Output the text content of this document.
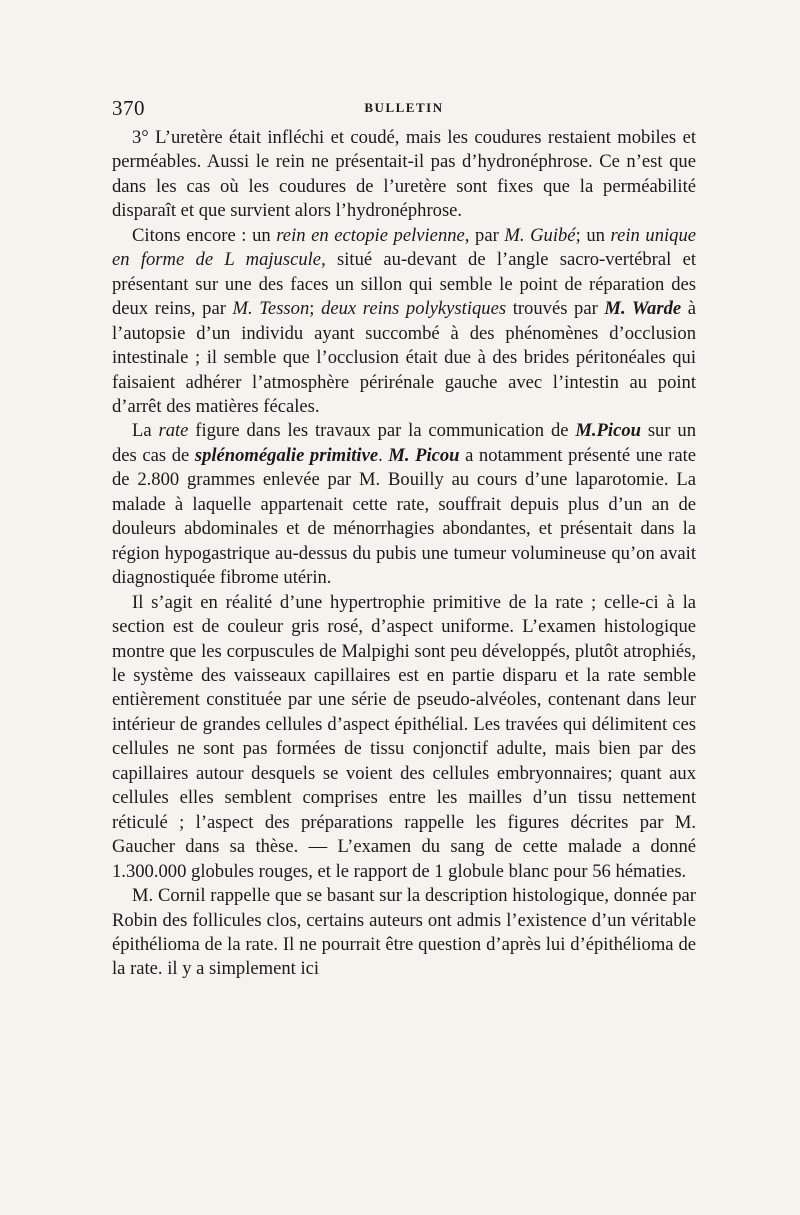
370	BULLETIN

3° L’uretère était infléchi et coudé, mais les coudures restaient mobiles et perméables. Aussi le rein ne présentait-il pas d’hydronéphrose. Ce n’est que dans les cas où les coudures de l’uretère sont fixes que la perméabilité disparaît et que survient alors l’hydronéphrose.

Citons encore : un rein en ectopie pelvienne, par M. Guibé; un rein unique en forme de L majuscule, situé au-devant de l’angle sacro-vertébral et présentant sur une des faces un sillon qui semble le point de réparation des deux reins, par M. Tesson; deux reins polykystiques trouvés par M. Warde à l’autopsie d’un individu ayant succombé à des phénomènes d’occlusion intestinale ; il semble que l’occlusion était due à des brides péritonéales qui faisaient adhérer l’atmosphère périrénale gauche avec l’intestin au point d’arrêt des matières fécales.

La rate figure dans les travaux par la communication de M.Picou sur un des cas de splénomégalie primitive. M. Picou a notamment présenté une rate de 2.800 grammes enlevée par M. Bouilly au cours d’une laparotomie. La malade à laquelle appartenait cette rate, souffrait depuis plus d’un an de douleurs abdominales et de ménorrhagies abondantes, et présentait dans la région hypogastrique au-dessus du pubis une tumeur volumineuse qu’on avait diagnostiquée fibrome utérin.

Il s’agit en réalité d’une hypertrophie primitive de la rate ; celle-ci à la section est de couleur gris rosé, d’aspect uniforme. L’examen histologique montre que les corpuscules de Malpighi sont peu développés, plutôt atrophiés, le système des vaisseaux capillaires est en partie disparu et la rate semble entièrement constituée par une série de pseudo-alvéoles, contenant dans leur intérieur de grandes cellules d’aspect épithélial. Les travées qui délimitent ces cellules ne sont pas formées de tissu conjonctif adulte, mais bien par des capillaires autour desquels se voient des cellules embryonnaires; quant aux cellules elles semblent comprises entre les mailles d’un tissu nettement réticulé ; l’aspect des préparations rappelle les figures décrites par M. Gaucher dans sa thèse. — L’examen du sang de cette malade a donné 1.300.000 globules rouges, et le rapport de 1 globule blanc pour 56 hématies.

M. Cornil rappelle que se basant sur la description histologique, donnée par Robin des follicules clos, certains auteurs ont admis l’existence d’un véritable épithélioma de la rate. Il ne pourrait être question d’après lui d’épithélioma de la rate. il y a simplement ici
